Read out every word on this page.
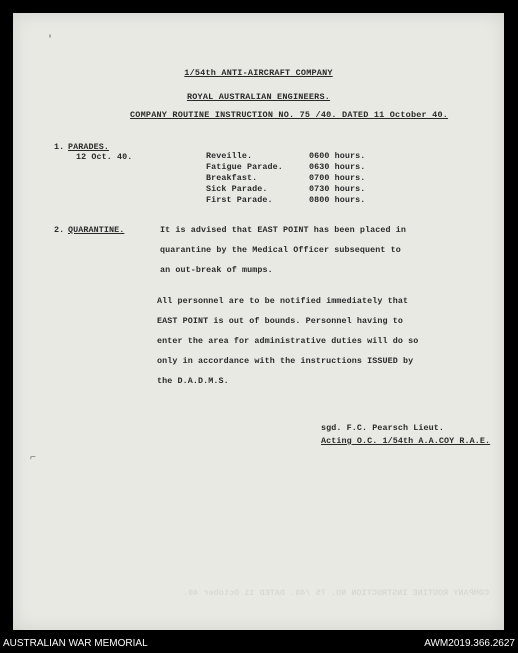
'
⌐
1/54th ANTI-AIRCRAFT COMPANY
ROYAL AUSTRALIAN ENGINEERS.
COMPANY ROUTINE INSTRUCTION NO. 75 /40. DATED 11 October 40.
1. PARADES.
12 Oct. 40.	Reveille.	0600 hours.
Fatigue Parade.	0630 hours.
Breakfast.	0700 hours.
Sick Parade.	0730 hours.
First Parade.	0800 hours.
2. QUARANTINE.	It is advised that EAST POINT has been placed in
quarantine by the Medical Officer subsequent to
an out-break of mumps.
All personnel are to be notified immediately that
EAST POINT is out of bounds. Personnel having to
enter the area for administrative duties will do so
only in accordance with the instructions ISSUED by
the D.A.D.M.S.
sgd. F.C. Pearsch Lieut.
Acting O.C. 1/54th A.A.COY R.A.E.
COMPANY ROUTINE INSTRUCTION NO. 75 /40. DATED 11 October 40.
AUSTRALIAN WAR MEMORIAL	AWM2019.366.2627
